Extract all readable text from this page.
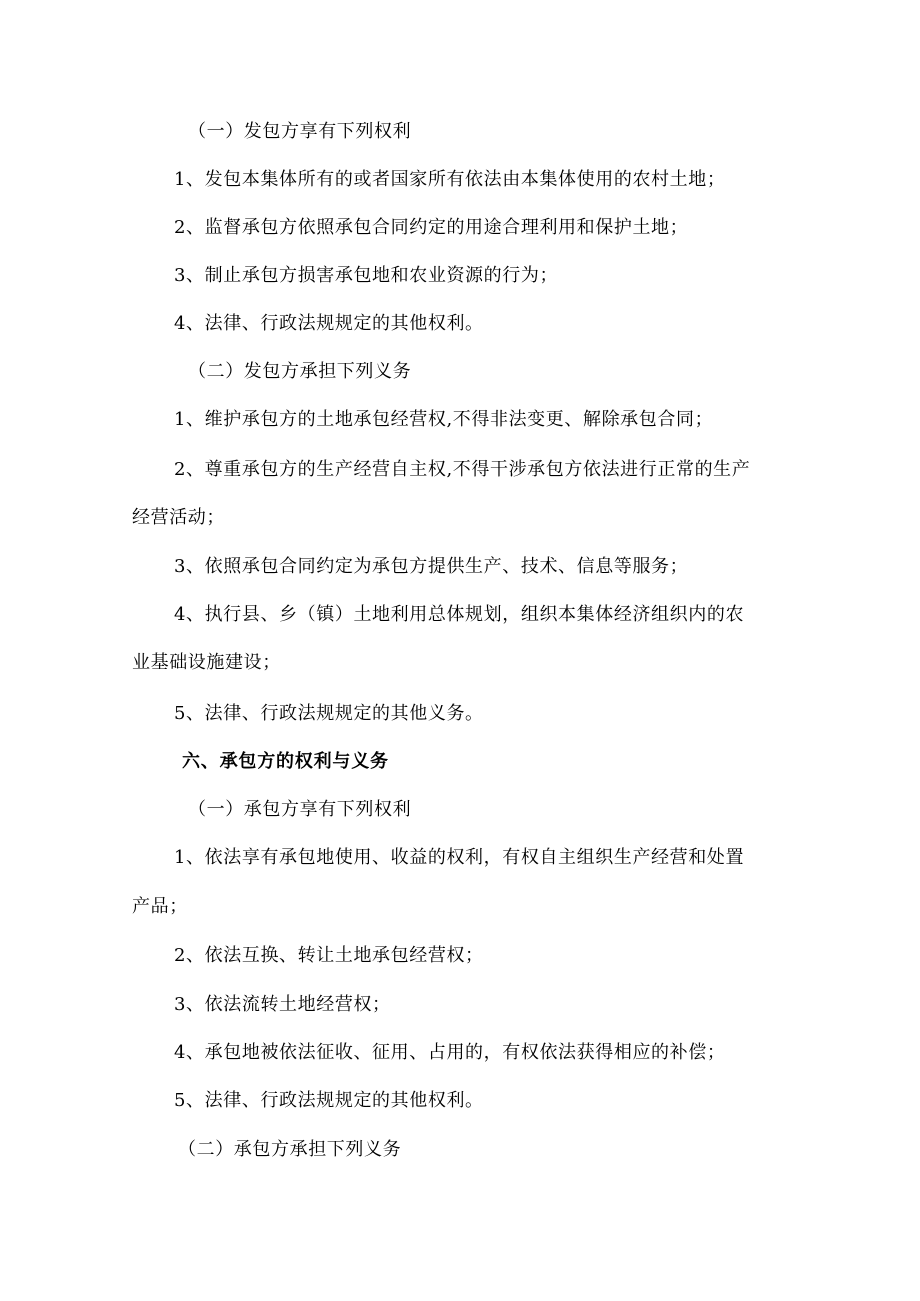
（一）发包方享有下列权利
1、发包本集体所有的或者国家所有依法由本集体使用的农村土地；
2、监督承包方依照承包合同约定的用途合理利用和保护土地；
3、制止承包方损害承包地和农业资源的行为；
4、法律、行政法规规定的其他权利。
（二）发包方承担下列义务
1、维护承包方的土地承包经营权,不得非法变更、解除承包合同；
2、尊重承包方的生产经营自主权,不得干涉承包方依法进行正常的生产
经营活动；
3、依照承包合同约定为承包方提供生产、技术、信息等服务；
4、执行县、乡（镇）土地利用总体规划，组织本集体经济组织内的农
业基础设施建设；
5、法律、行政法规规定的其他义务。
六、承包方的权利与义务
（一）承包方享有下列权利
1、依法享有承包地使用、收益的权利，有权自主组织生产经营和处置
产品；
2、依法互换、转让土地承包经营权；
3、依法流转土地经营权；
4、承包地被依法征收、征用、占用的，有权依法获得相应的补偿；
5、法律、行政法规规定的其他权利。
（二）承包方承担下列义务
